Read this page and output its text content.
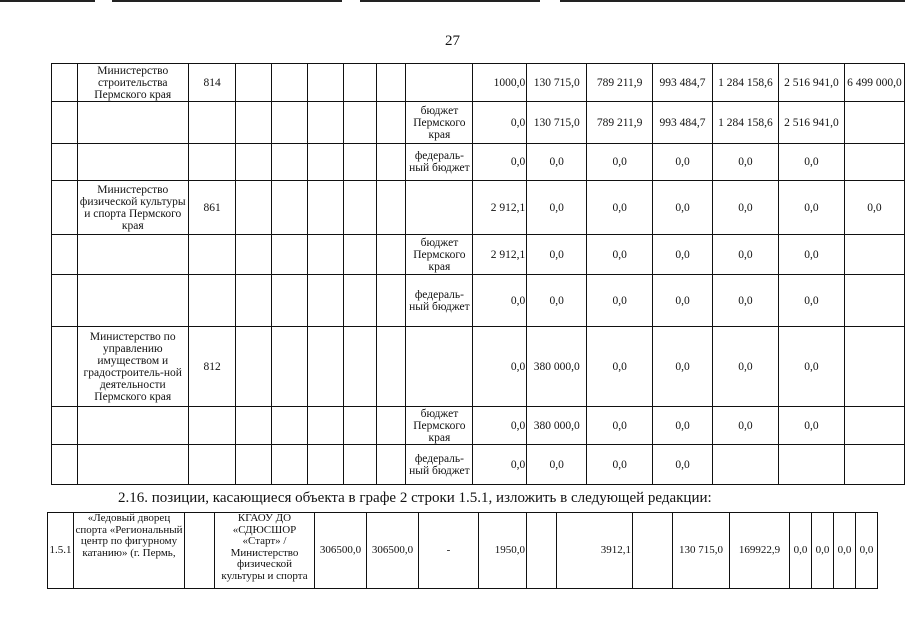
27
	Министерство строительства Пермского края	814							1000,0	130 715,0	789 211,9	993 484,7	1 284 158,6	2 516 941,0	6 499 000,0
								бюджет Пермского края	0,0	130 715,0	789 211,9	993 484,7	1 284 158,6	2 516 941,0	
								федераль-ный бюджет	0,0	0,0	0,0	0,0	0,0	0,0	
	Министерство физической культуры и спорта Пермского края	861							2 912,1	0,0	0,0	0,0	0,0	0,0	0,0
								бюджет Пермского края	2 912,1	0,0	0,0	0,0	0,0	0,0	
								федераль-ный бюджет	0,0	0,0	0,0	0,0	0,0	0,0	
	Министерство по управлению имуществом и градостроитель-ной деятельности Пермского края	812							0,0	380 000,0	0,0	0,0	0,0	0,0	
								бюджет Пермского края	0,0	380 000,0	0,0	0,0	0,0	0,0	
								федераль-ный бюджет	0,0	0,0	0,0	0,0			
2.16. позиции, касающиеся объекта в графе 2 строки 1.5.1, изложить в следующей редакции:
1.5.1	«Ледовый дворец спорта «Региональный центр по фигурному катанию» (г. Пермь,		КГАОУ ДО «СДЮСШОР «Старт» / Министерство физической культуры и спорта	306500,0	306500,0	-	1950,0		3912,1		130 715,0	169922,9	0,0	0,0	0,0	0,0
